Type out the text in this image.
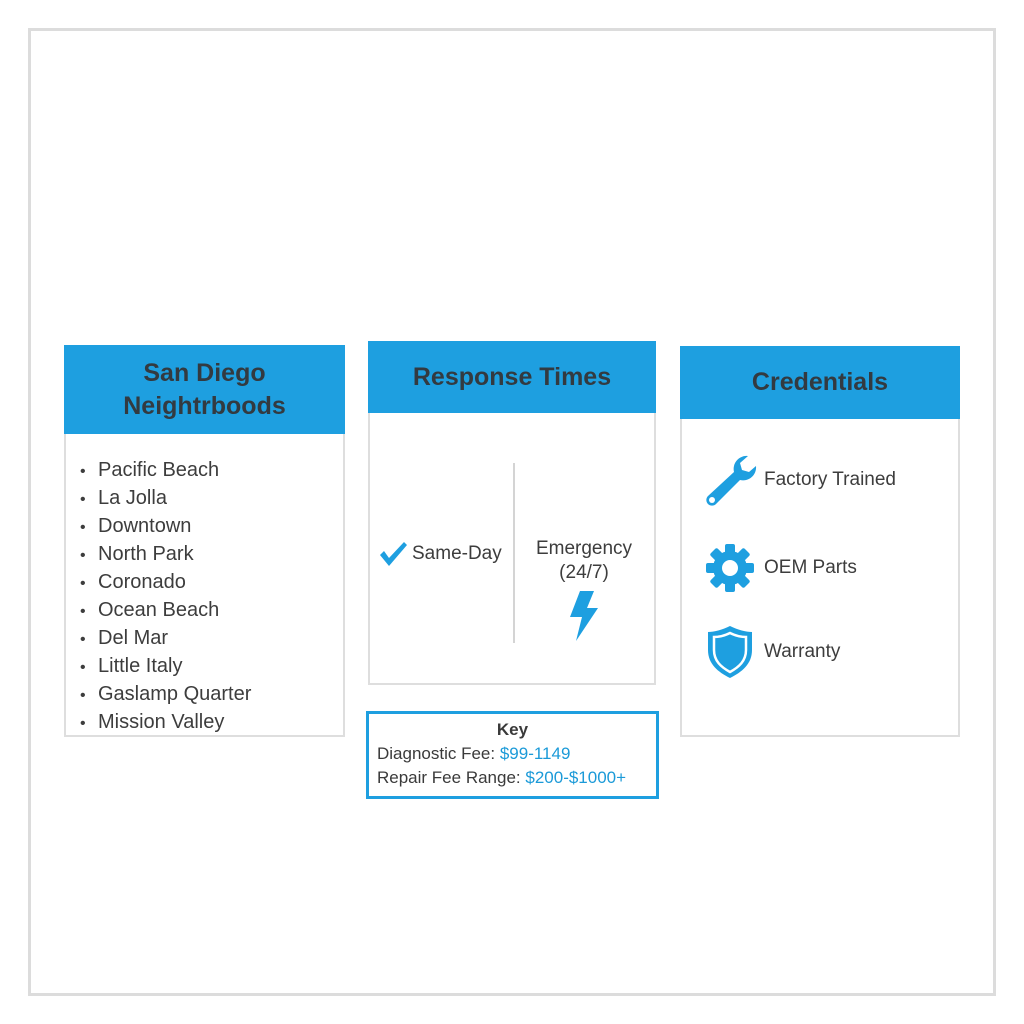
San Diego Neightrboods
• Pacific Beach
• La Jolla
• Downtown
• North Park
• Coronado
• Ocean Beach
• Del Mar
• Little Italy
• Gaslamp Quarter
• Mission Valley
Response Times
Same-Day	Emergency
(24/7)
Credentials
Factory Trained
OEM Parts
Warranty
Key
Diagnostic Fee: $99-1149
Repair Fee Range: $200-$1000+
